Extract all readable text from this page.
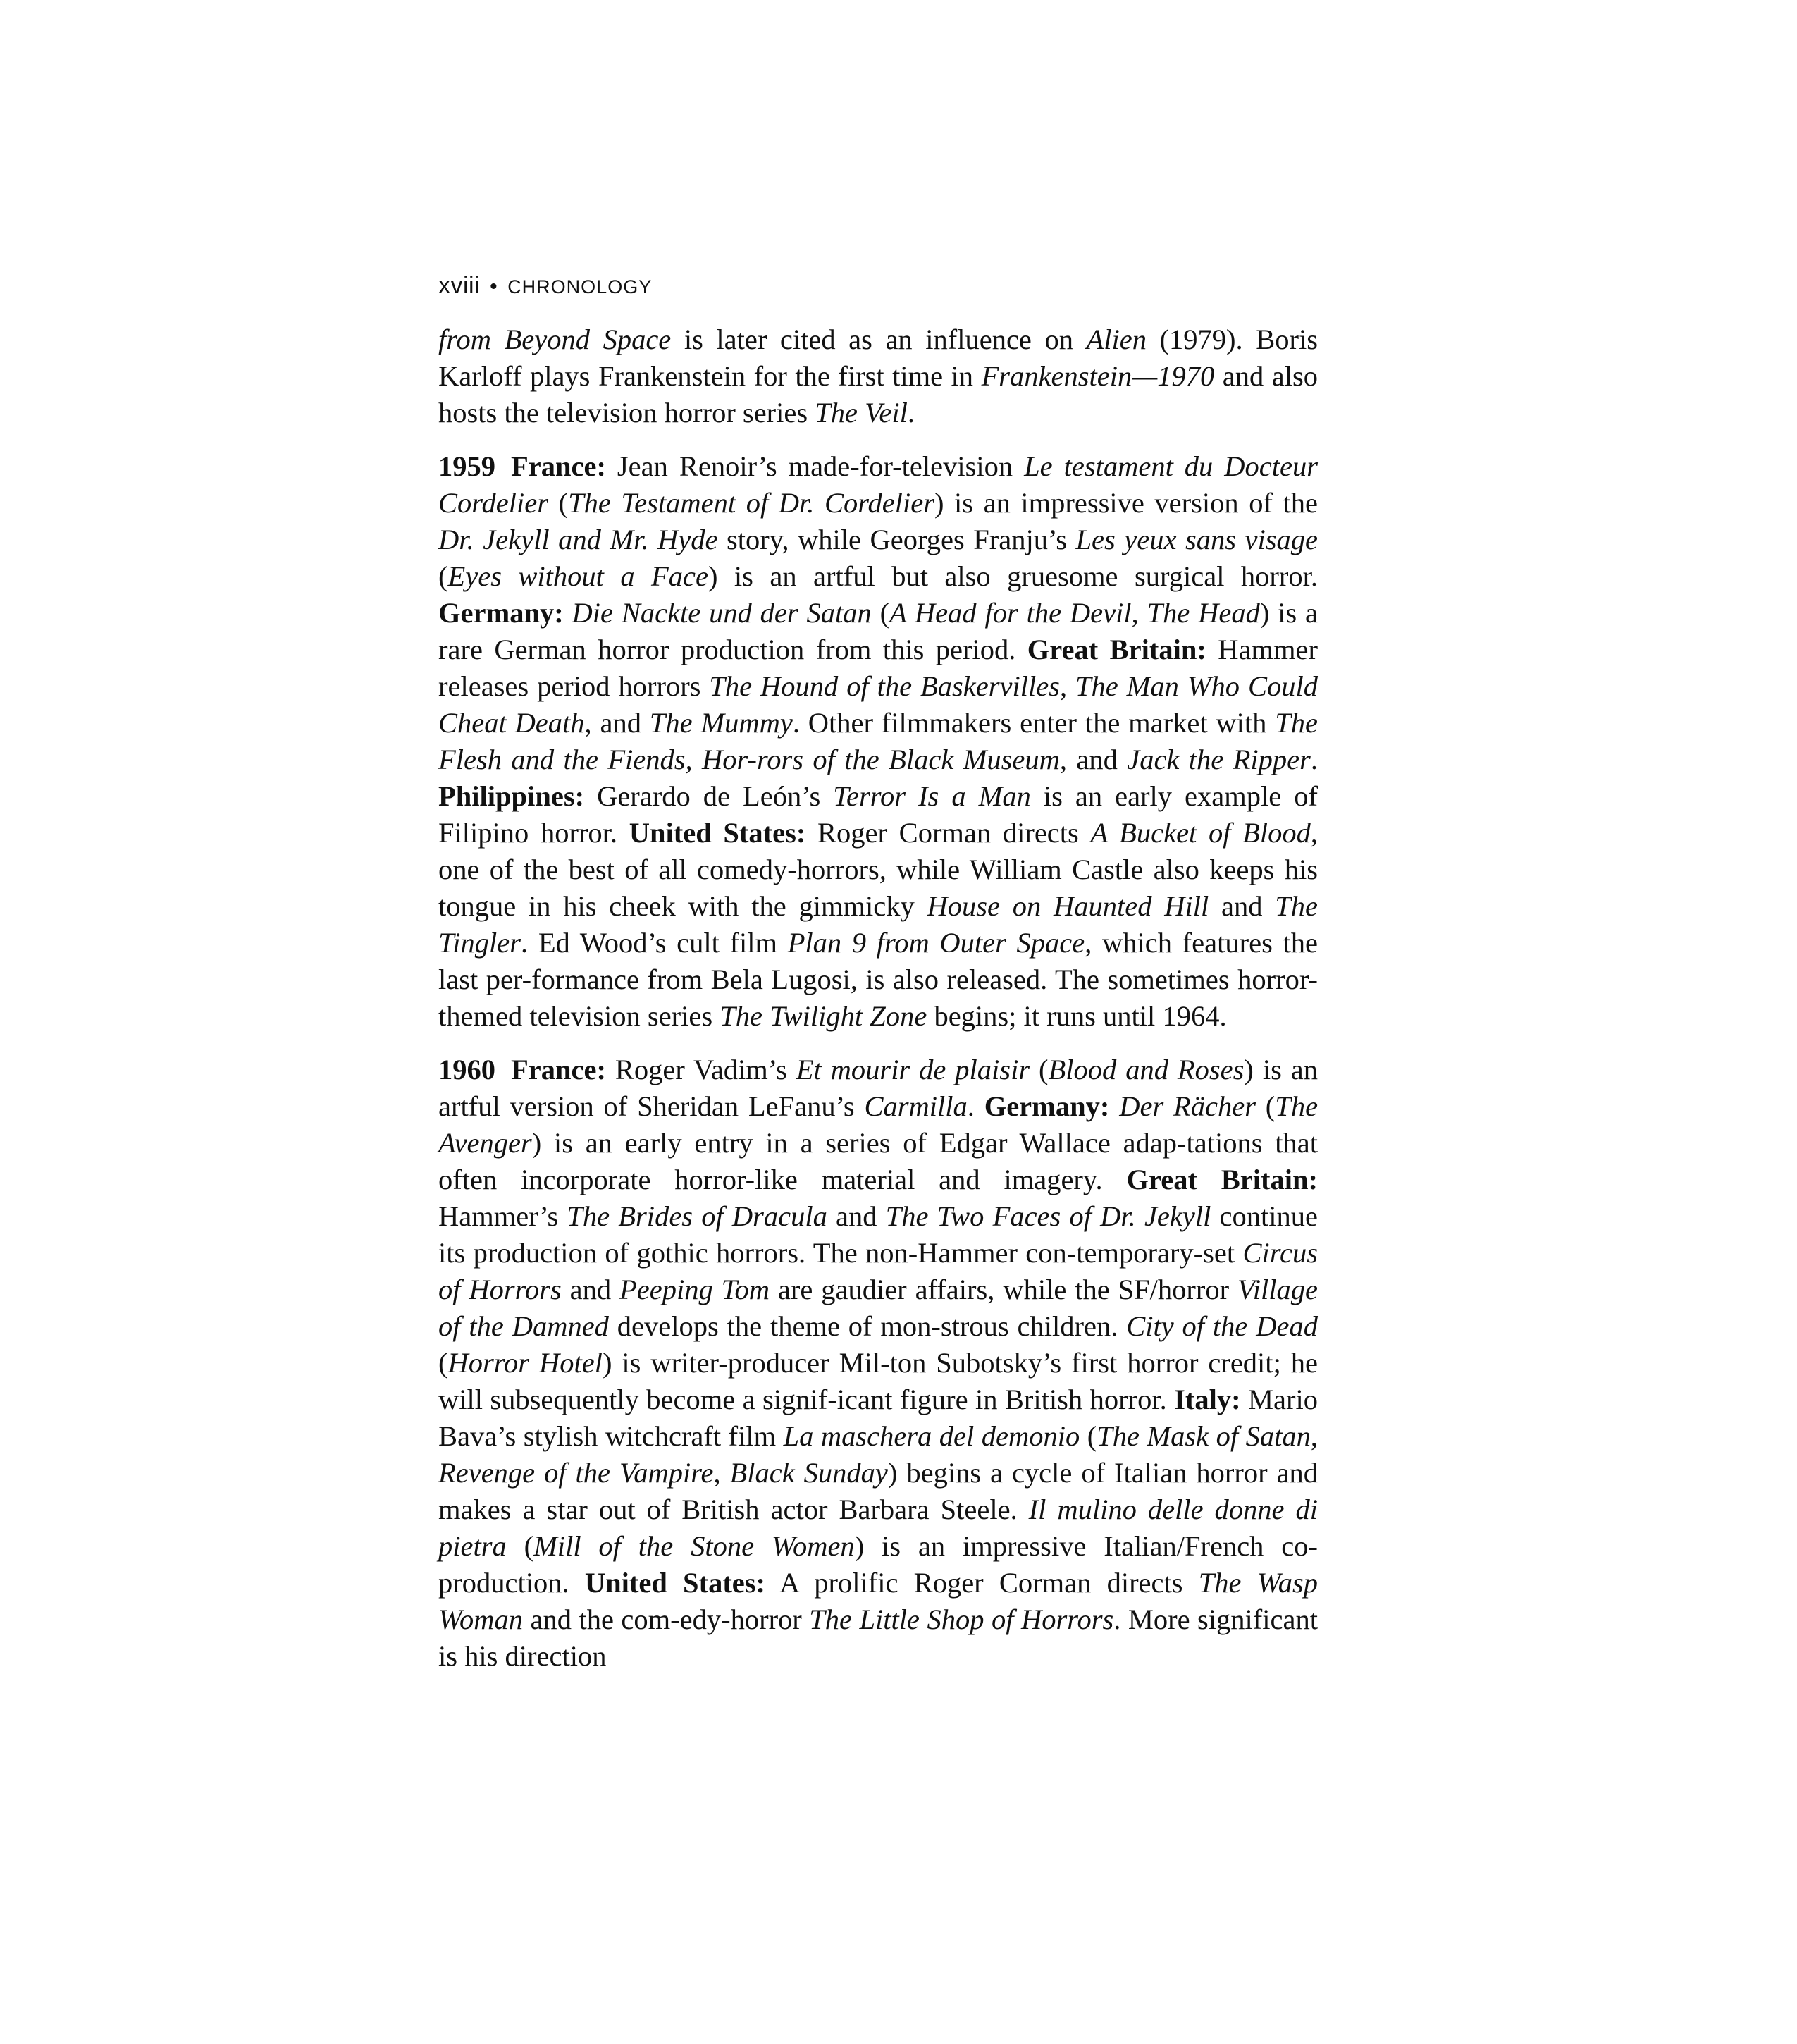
xviii • CHRONOLOGY

from Beyond Space is later cited as an influence on Alien (1979). Boris Karloff plays Frankenstein for the first time in Frankenstein—1970 and also hosts the television horror series The Veil.

1959 France: Jean Renoir’s made-for-television Le testament du Docteur Cordelier (The Testament of Dr. Cordelier) is an impressive version of the Dr. Jekyll and Mr. Hyde story, while Georges Franju’s Les yeux sans visage (Eyes without a Face) is an artful but also gruesome surgical horror. Germany: Die Nackte und der Satan (A Head for the Devil, The Head) is a rare German horror production from this period. Great Britain: Hammer releases period horrors The Hound of the Baskervilles, The Man Who Could Cheat Death, and The Mummy. Other filmmakers enter the market with The Flesh and the Fiends, Hor-rors of the Black Museum, and Jack the Ripper. Philippines: Gerardo de León’s Terror Is a Man is an early example of Filipino horror. United States: Roger Corman directs A Bucket of Blood, one of the best of all comedy-horrors, while William Castle also keeps his tongue in his cheek with the gimmicky House on Haunted Hill and The Tingler. Ed Wood’s cult film Plan 9 from Outer Space, which features the last per-formance from Bela Lugosi, is also released. The sometimes horror-themed television series The Twilight Zone begins; it runs until 1964.

1960 France: Roger Vadim’s Et mourir de plaisir (Blood and Roses) is an artful version of Sheridan LeFanu’s Carmilla. Germany: Der Rächer (The Avenger) is an early entry in a series of Edgar Wallace adap-tations that often incorporate horror-like material and imagery. Great Britain: Hammer’s The Brides of Dracula and The Two Faces of Dr. Jekyll continue its production of gothic horrors. The non-Hammer con-temporary-set Circus of Horrors and Peeping Tom are gaudier affairs, while the SF/horror Village of the Damned develops the theme of mon-strous children. City of the Dead (Horror Hotel) is writer-producer Mil-ton Subotsky’s first horror credit; he will subsequently become a signif-icant figure in British horror. Italy: Mario Bava’s stylish witchcraft film La maschera del demonio (The Mask of Satan, Revenge of the Vampire, Black Sunday) begins a cycle of Italian horror and makes a star out of British actor Barbara Steele. Il mulino delle donne di pietra (Mill of the Stone Women) is an impressive Italian/French co-production. United States: A prolific Roger Corman directs The Wasp Woman and the com-edy-horror The Little Shop of Horrors. More significant is his direction
